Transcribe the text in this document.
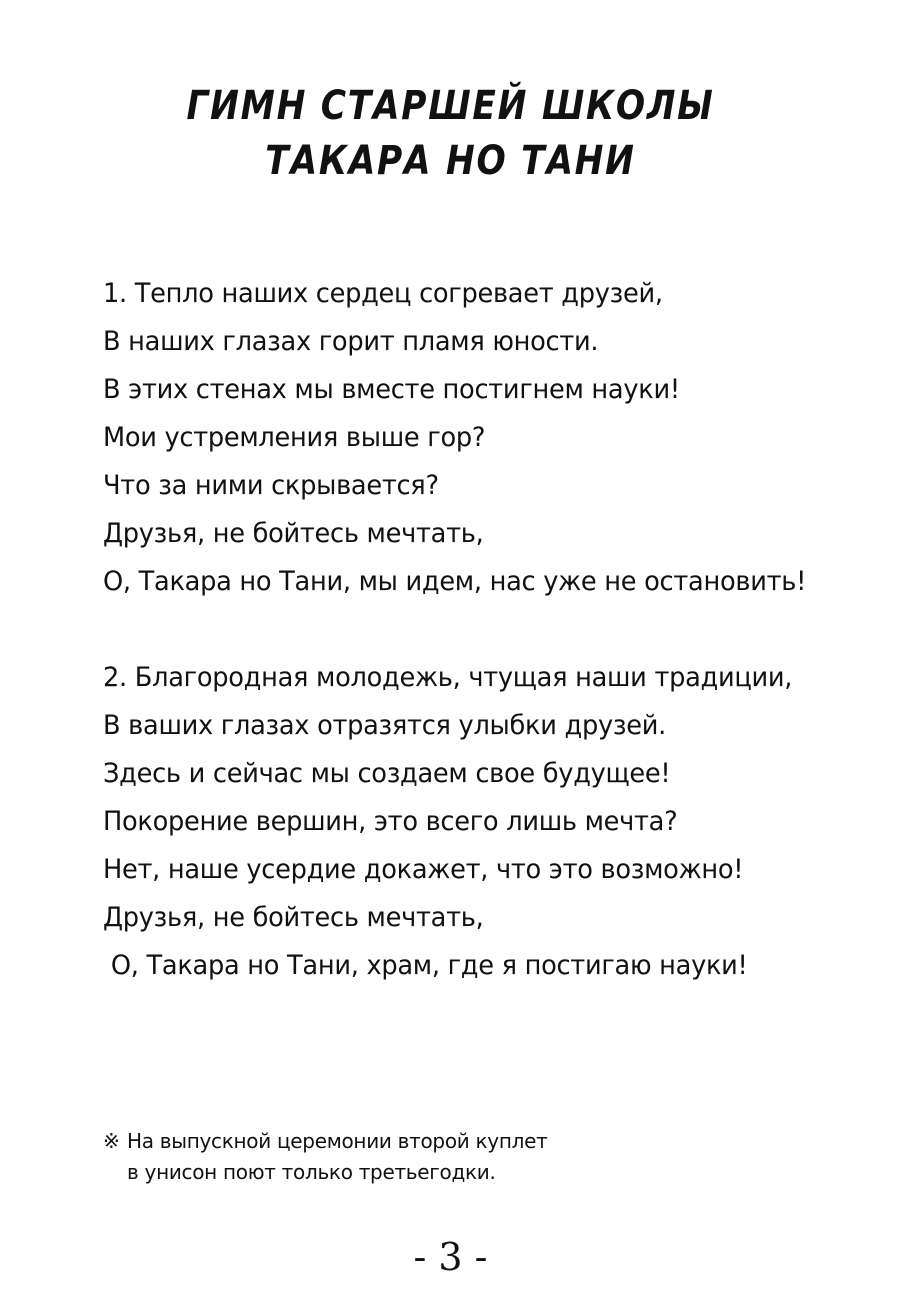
ГИМН СТАРШЕЙ ШКОЛЫ
ТАКАРА НО ТАНИ
1. Тепло наших сердец согревает друзей,
В наших глазах горит пламя юности.
В этих стенах мы вместе постигнем науки!
Мои устремления выше гор?
Что за ними скрывается?
Друзья, не бойтесь мечтать,
О, Такара но Тани, мы идем, нас уже не остановить!
2. Благородная молодежь, чтущая наши традиции,
В ваших глазах отразятся улыбки друзей.
Здесь и сейчас мы создаем свое будущее!
Покорение вершин, это всего лишь мечта?
Нет, наше усердие докажет, что это возможно!
Друзья, не бойтесь мечтать,
О, Такара но Тани, храм, где я постигаю науки!
※ На выпускной церемонии второй куплет
в унисон поют только третьегодки.
- 3 -
